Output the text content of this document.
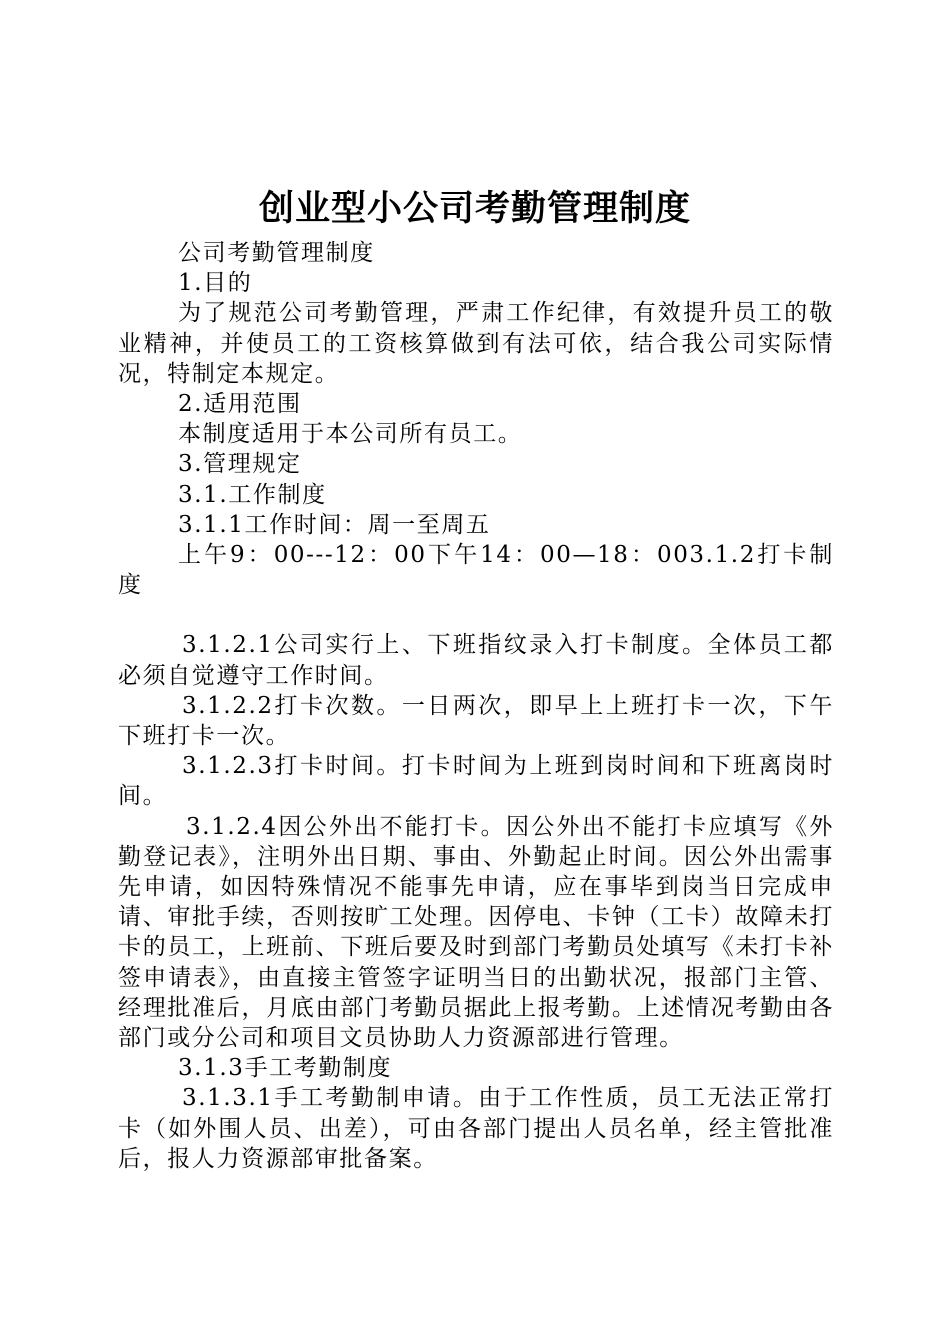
创业型小公司考勤管理制度

公司考勤管理制度

1.目的

为了规范公司考勤管理，严肃工作纪律，有效提升员工的敬业精神，并使员工的工资核算做到有法可依，结合我公司实际情况，特制定本规定。

2.适用范围

本制度适用于本公司所有员工。

3.管理规定

3.1.工作制度

3.1.1工作时间：周一至周五

上午9：00---12：00下午14：00—18：003.1.2打卡制度

3.1.2.1公司实行上、下班指纹录入打卡制度。全体员工都必须自觉遵守工作时间。

3.1.2.2打卡次数。一日两次，即早上上班打卡一次，下午下班打卡一次。

3.1.2.3打卡时间。打卡时间为上班到岗时间和下班离岗时间。

3.1.2.4因公外出不能打卡。因公外出不能打卡应填写《外勤登记表》，注明外出日期、事由、外勤起止时间。因公外出需事先申请，如因特殊情况不能事先申请，应在事毕到岗当日完成申请、审批手续，否则按旷工处理。因停电、卡钟（工卡）故障未打卡的员工，上班前、下班后要及时到部门考勤员处填写《未打卡补签申请表》，由直接主管签字证明当日的出勤状况，报部门主管、经理批准后，月底由部门考勤员据此上报考勤。上述情况考勤由各部门或分公司和项目文员协助人力资源部进行管理。

3.1.3手工考勤制度

3.1.3.1手工考勤制申请。由于工作性质，员工无法正常打卡（如外围人员、出差），可由各部门提出人员名单，经主管批准后，报人力资源部审批备案。
